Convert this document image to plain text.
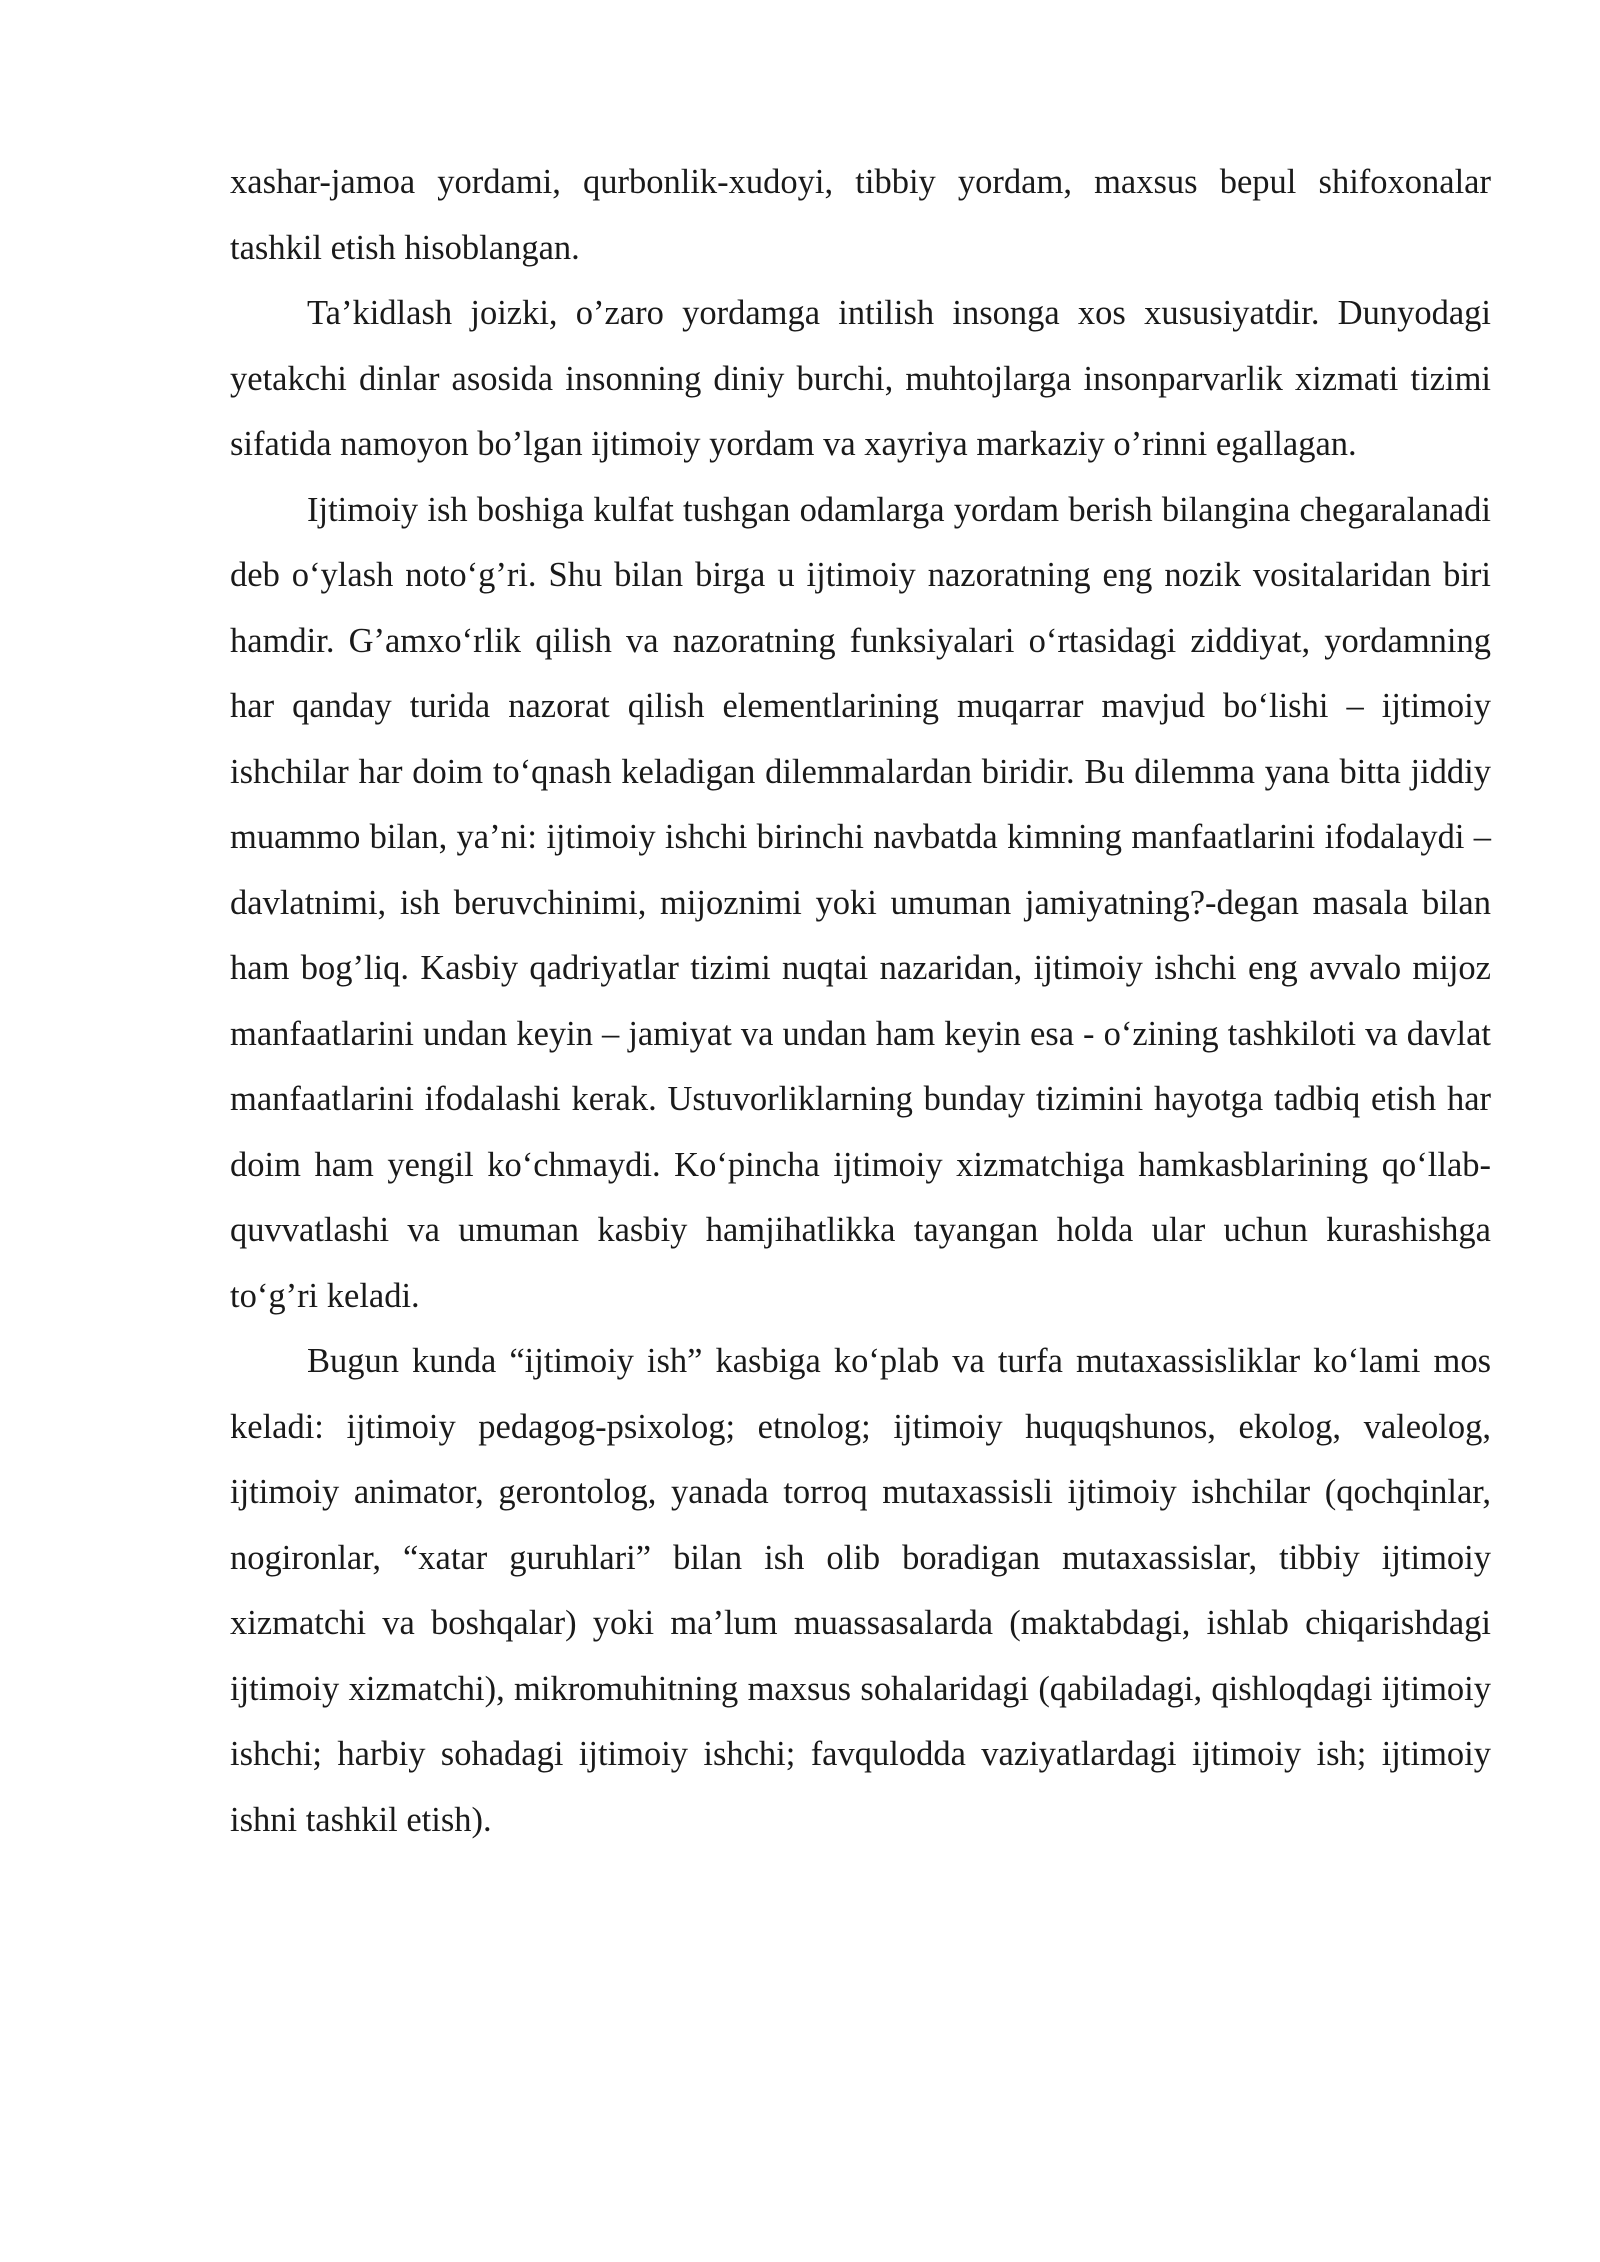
xashar-jamoa yordami, qurbonlik-xudoyi, tibbiy yordam, maxsus bepul shifoxonalar tashkil etish hisoblangan.

Ta’kidlash joizki, o’zaro yordamga intilish insonga xos xususiyatdir. Dunyodagi yetakchi dinlar asosida insonning diniy burchi, muhtojlarga insonparvarlik xizmati tizimi sifatida namoyon bo’lgan ijtimoiy yordam va xayriya markaziy o’rinni egallagan.

Ijtimoiy ish boshiga kulfat tushgan odamlarga yordam berish bilangina chegaralanadi deb o‘ylash noto‘g’ri. Shu bilan birga u ijtimoiy nazoratning eng nozik vositalaridan biri hamdir. G’amxo‘rlik qilish va nazoratning funksiyalari o‘rtasidagi ziddiyat, yordamning har qanday turida nazorat qilish elementlarining muqarrar mavjud bo‘lishi – ijtimoiy ishchilar har doim to‘qnash keladigan dilemmalardan biridir. Bu dilemma yana bitta jiddiy muammo bilan, ya’ni: ijtimoiy ishchi birinchi navbatda kimning manfaatlarini ifodalaydi – davlatnimi, ish beruvchinimi, mijoznimi yoki umuman jamiyatning?-degan masala bilan ham bog’liq. Kasbiy qadriyatlar tizimi nuqtai nazaridan, ijtimoiy ishchi eng avvalo mijoz manfaatlarini undan keyin – jamiyat va undan ham keyin esa - o‘zining tashkiloti va davlat manfaatlarini ifodalashi kerak. Ustuvorliklarning bunday tizimini hayotga tadbiq etish har doim ham yengil ko‘chmaydi. Ko‘pincha ijtimoiy xizmatchiga hamkasblarining qo‘llab-quvvatlashi va umuman kasbiy hamjihatlikka tayangan holda ular uchun kurashishga to‘g’ri keladi.

Bugun kunda “ijtimoiy ish” kasbiga ko‘plab va turfa mutaxassisliklar ko‘lami mos keladi: ijtimoiy pedagog-psixolog; etnolog; ijtimoiy huquqshunos, ekolog, valeolog, ijtimoiy animator, gerontolog, yanada torroq mutaxassisli ijtimoiy ishchilar (qochqinlar, nogironlar, “xatar guruhlari” bilan ish olib boradigan mutaxassislar, tibbiy ijtimoiy xizmatchi va boshqalar) yoki ma’lum muassasalarda (maktabdagi, ishlab chiqarishdagi ijtimoiy xizmatchi), mikromuhitning maxsus sohalaridagi (qabiladagi, qishloqdagi ijtimoiy ishchi; harbiy sohadagi ijtimoiy ishchi; favqulodda vaziyatlardagi ijtimoiy ish; ijtimoiy ishni tashkil etish).
